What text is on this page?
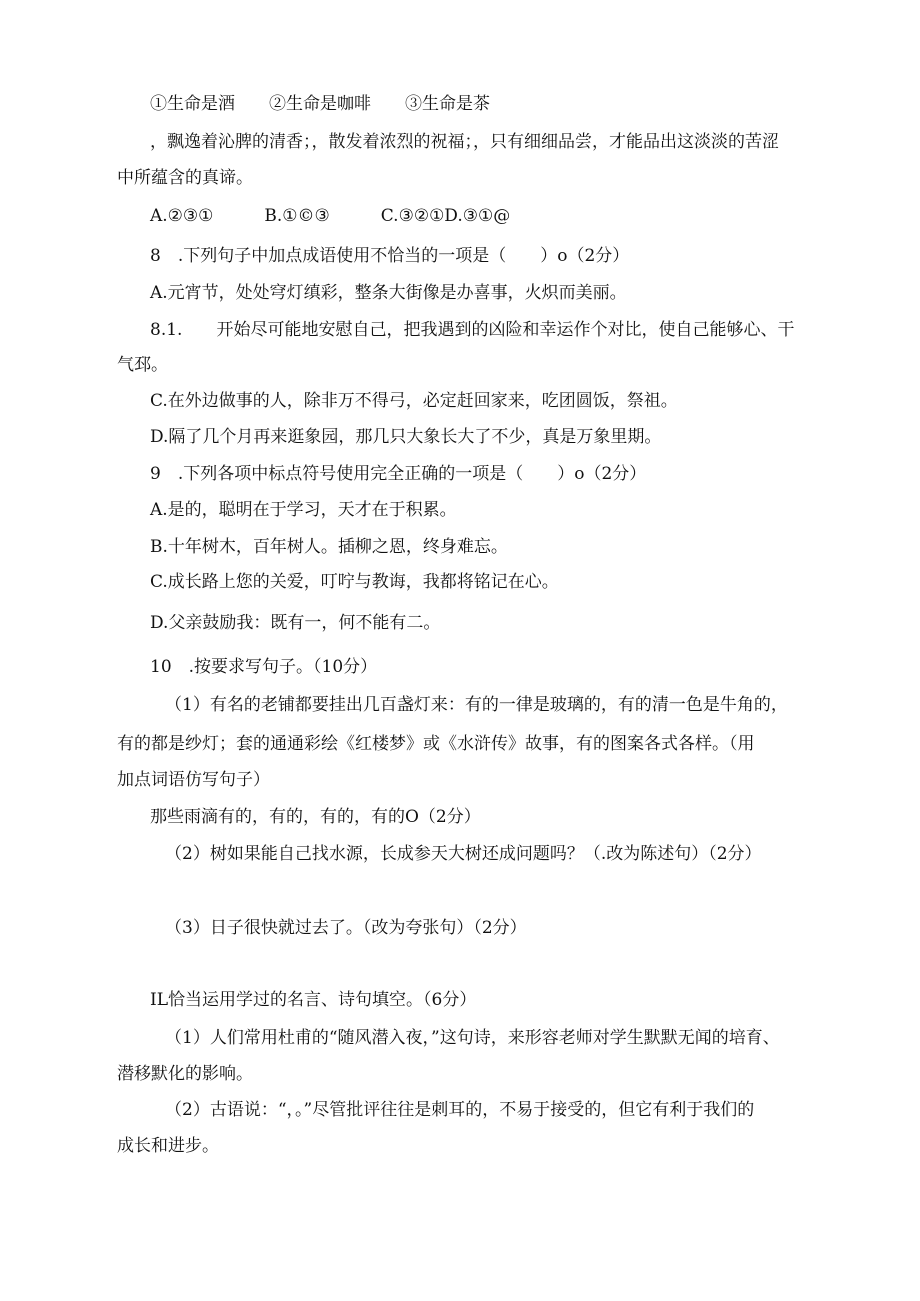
①生命是酒　　②生命是咖啡　　③生命是茶
，飘逸着沁脾的清香；，散发着浓烈的祝福；，只有细细品尝，才能品出这淡淡的苦涩
中所蕴含的真谛。
A.②③①　　　B.①©③　　　C.③②①D.③①@
8　.下列句子中加点成语使用不恰当的一项是（　　）o（2分）
A.元宵节，处处穹灯缜彩，整条大街像是办喜事，火炽而美丽。
8.1.　　开始尽可能地安慰自己，把我遇到的凶险和幸运作个对比，使自己能够心、干
气邳。
C.在外边做事的人，除非万不得弓，必定赶回家来，吃团圆饭，祭祖。
D.隔了几个月再来逛象园，那几只大象长大了不少，真是万象里期。
9　.下列各项中标点符号使用完全正确的一项是（　　）o（2分）
A.是的，聪明在于学习，天才在于积累。
B.十年树木，百年树人。插柳之恩，终身难忘。
C.成长路上您的关爱，叮咛与教诲，我都将铭记在心。
D.父亲鼓励我：既有一，何不能有二。
10　.按要求写句子。（10分）
（1）有名的老铺都要挂出几百盏灯来：有的一律是玻璃的，有的清一色是牛角的，
有的都是纱灯；套的通通彩绘《红楼梦》或《水浒传》故事，有的图案各式各样。（用
加点词语仿写句子）
那些雨滴有的，有的，有的，有的O（2分）
（2）树如果能自己找水源，长成参天大树还成问题吗？（.改为陈述句）（2分）
（3）日子很快就过去了。（改为夸张句）（2分）
IL恰当运用学过的名言、诗句填空。（6分）
（1）人们常用杜甫的“随风潜入夜，”这句诗，来形容老师对学生默默无闻的培育、
潜移默化的影响。
（2）古语说：“，。”尽管批评往往是刺耳的，不易于接受的，但它有利于我们的
成长和进步。
